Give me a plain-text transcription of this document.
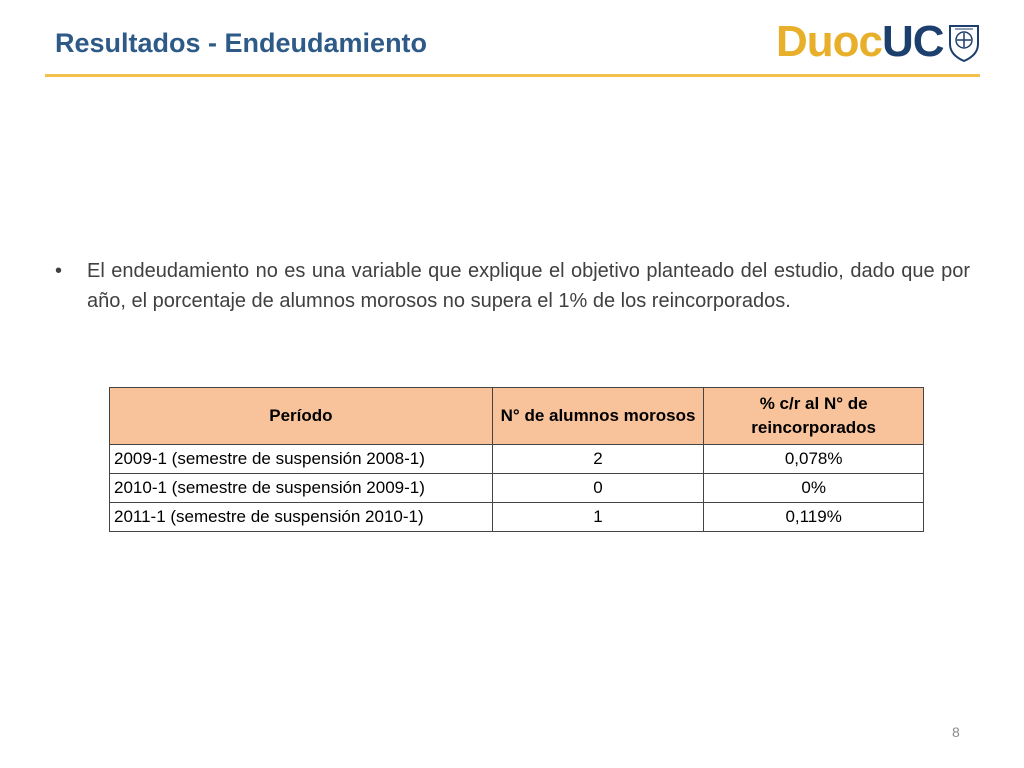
Resultados - Endeudamiento	DuocUC
•	El endeudamiento no es una variable que explique el objetivo planteado del estudio, dado que por año, el porcentaje de alumnos morosos no supera el 1% de los reincorporados.
Período	N° de alumnos morosos	% c/r al N° de reincorporados
2009-1 (semestre de suspensión 2008-1)	2	0,078%
2010-1 (semestre de suspensión 2009-1)	0	0%
2011-1 (semestre de suspensión 2010-1)	1	0,119%
8
